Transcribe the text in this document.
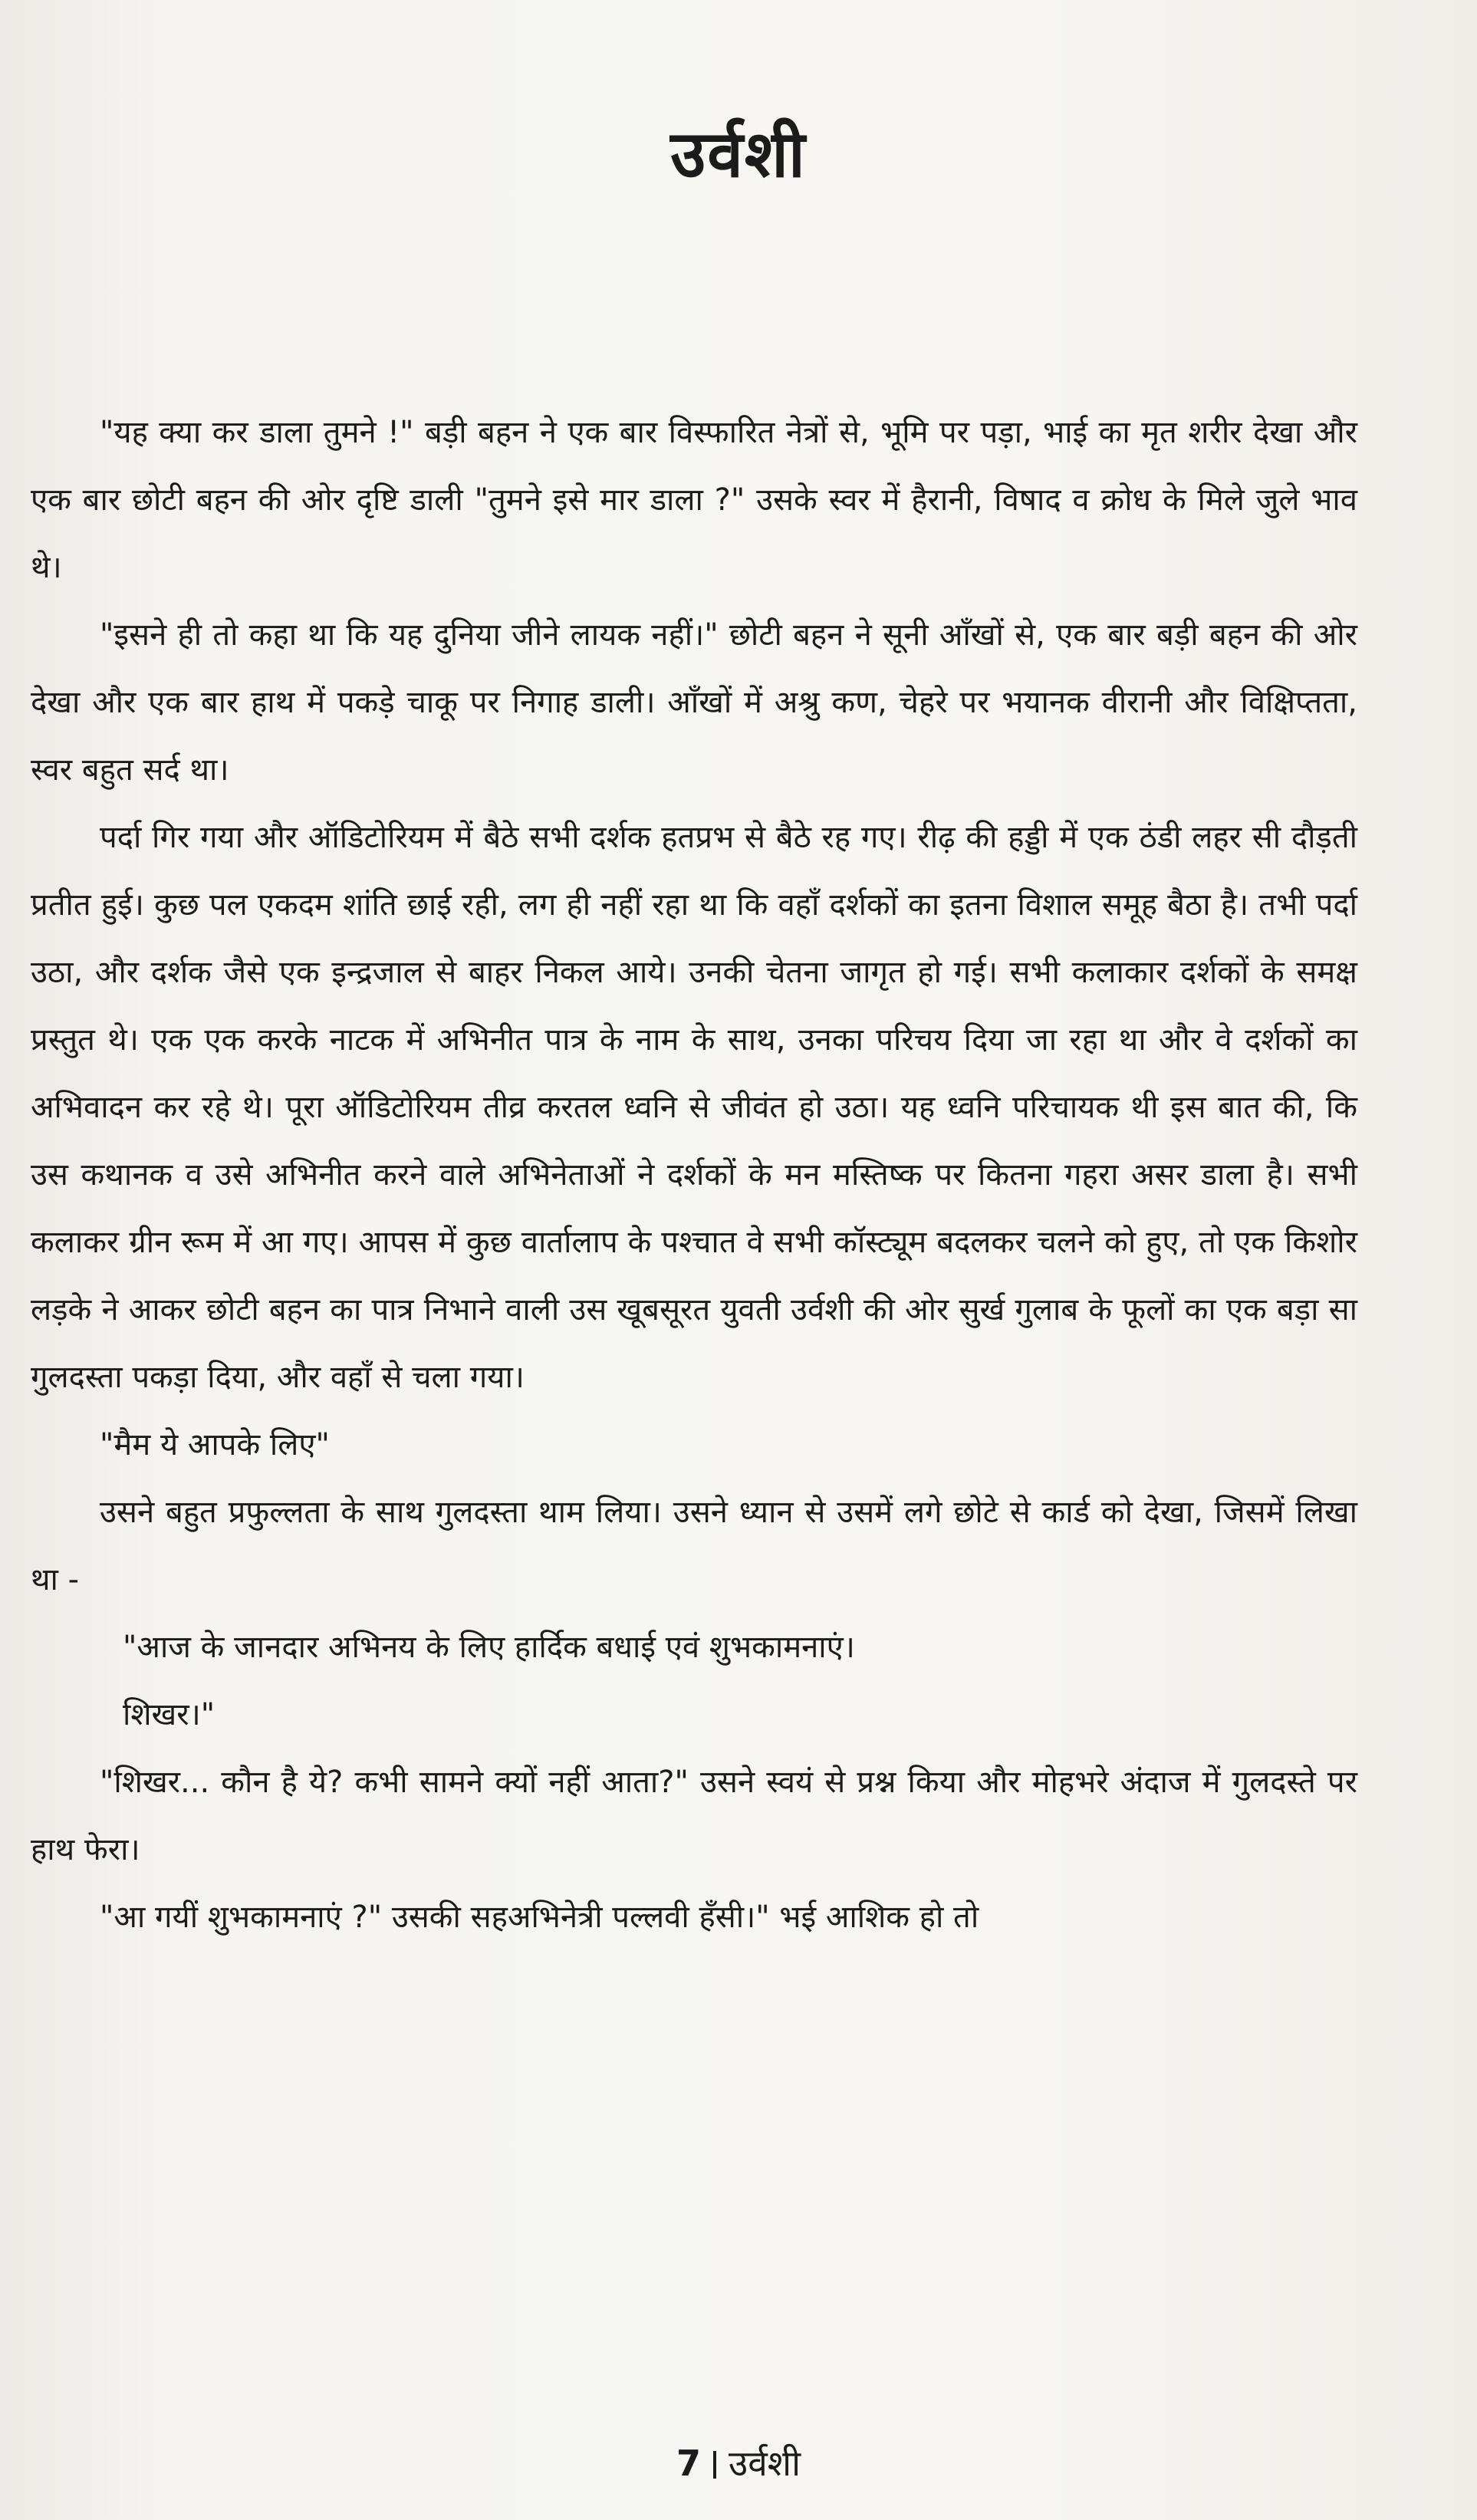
उर्वशी

"यह क्या कर डाला तुमने !" बड़ी बहन ने एक बार विस्फारित नेत्रों से, भूमि पर पड़ा, भाई का मृत शरीर देखा और एक बार छोटी बहन की ओर दृष्टि डाली "तुमने इसे मार डाला ?" उसके स्वर में हैरानी, विषाद व क्रोध के मिले जुले भाव थे।

"इसने ही तो कहा था कि यह दुनिया जीने लायक नहीं।" छोटी बहन ने सूनी आँखों से, एक बार बड़ी बहन की ओर देखा और एक बार हाथ में पकड़े चाकू पर निगाह डाली। आँखों में अश्रु कण, चेहरे पर भयानक वीरानी और विक्षिप्तता, स्वर बहुत सर्द था।

पर्दा गिर गया और ऑडिटोरियम में बैठे सभी दर्शक हतप्रभ से बैठे रह गए। रीढ़ की हड्डी में एक ठंडी लहर सी दौड़ती प्रतीत हुई। कुछ पल एकदम शांति छाई रही, लग ही नहीं रहा था कि वहाँ दर्शकों का इतना विशाल समूह बैठा है। तभी पर्दा उठा, और दर्शक जैसे एक इन्द्रजाल से बाहर निकल आये। उनकी चेतना जागृत हो गई। सभी कलाकार दर्शकों के समक्ष प्रस्तुत थे। एक एक करके नाटक में अभिनीत पात्र के नाम के साथ, उनका परिचय दिया जा रहा था और वे दर्शकों का अभिवादन कर रहे थे। पूरा ऑडिटोरियम तीव्र करतल ध्वनि से जीवंत हो उठा। यह ध्वनि परिचायक थी इस बात की, कि उस कथानक व उसे अभिनीत करने वाले अभिनेताओं ने दर्शकों के मन मस्तिष्क पर कितना गहरा असर डाला है। सभी कलाकर ग्रीन रूम में आ गए। आपस में कुछ वार्तालाप के पश्चात वे सभी कॉस्ट्यूम बदलकर चलने को हुए, तो एक किशोर लड़के ने आकर छोटी बहन का पात्र निभाने वाली उस खूबसूरत युवती उर्वशी की ओर सुर्ख गुलाब के फूलों का एक बड़ा सा गुलदस्ता पकड़ा दिया, और वहाँ से चला गया।

"मैम ये आपके लिए"

उसने बहुत प्रफुल्लता के साथ गुलदस्ता थाम लिया। उसने ध्यान से उसमें लगे छोटे से कार्ड को देखा, जिसमें लिखा था -

"आज के जानदार अभिनय के लिए हार्दिक बधाई एवं शुभकामनाएं।

शिखर।"

"शिखर... कौन है ये? कभी सामने क्यों नहीं आता?" उसने स्वयं से प्रश्न किया और मोहभरे अंदाज में गुलदस्ते पर हाथ फेरा।

"आ गयीं शुभकामनाएं ?" उसकी सहअभिनेत्री पल्लवी हँसी।" भई आशिक हो तो

7 उर्वशी
